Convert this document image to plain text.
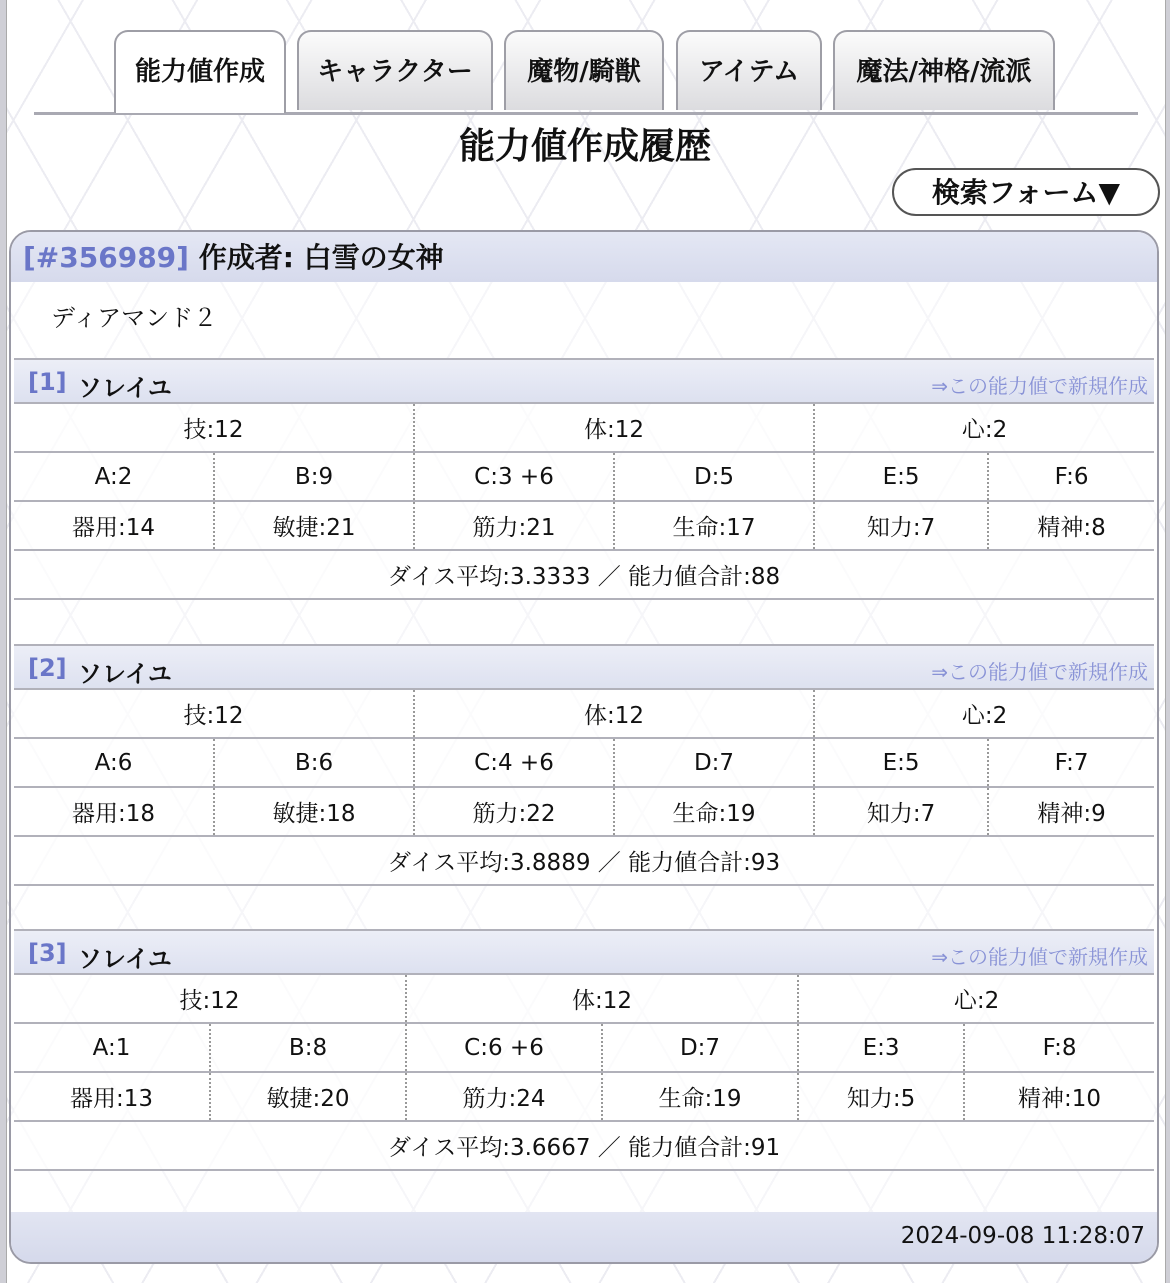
能力値作成	キャラクター	魔物/騎獣	アイテム	魔法/神格/流派
能力値作成履歴
検索フォーム▼
[#356989] 作成者: 白雪の女神
ディアマンド２
[1] ソレイユ	⇒この能力値で新規作成
技:12		体:12		心:2	
A:2	B:9	C:3 +6	D:5	E:5	F:6
器用:14	敏捷:21	筋力:21	生命:17	知力:7	精神:8
ダイス平均:3.3333 ／ 能力値合計:88					
[2] ソレイユ	⇒この能力値で新規作成
技:12		体:12		心:2	
A:6	B:6	C:4 +6	D:7	E:5	F:7
器用:18	敏捷:18	筋力:22	生命:19	知力:7	精神:9
ダイス平均:3.8889 ／ 能力値合計:93					
[3] ソレイユ	⇒この能力値で新規作成
技:12		体:12		心:2	
A:1	B:8	C:6 +6	D:7	E:3	F:8
器用:13	敏捷:20	筋力:24	生命:19	知力:5	精神:10
ダイス平均:3.6667 ／ 能力値合計:91					
2024-09-08 11:28:07
